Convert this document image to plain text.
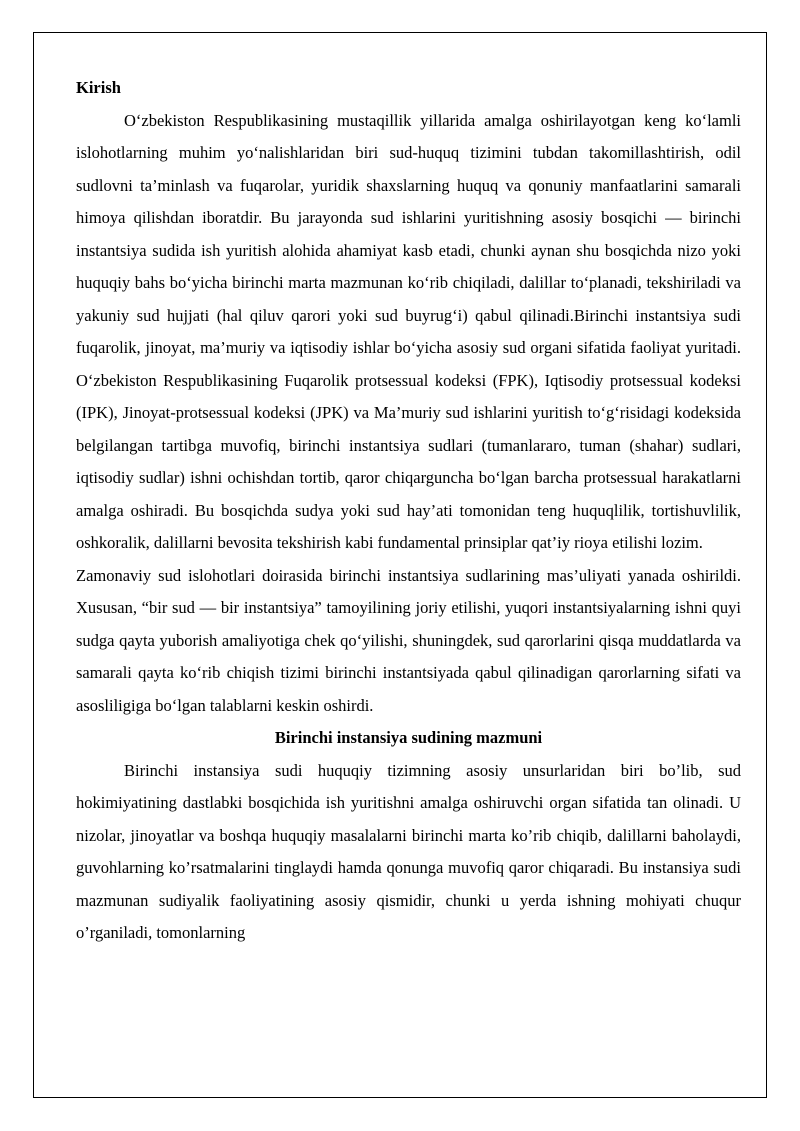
Kirish

O‘zbekiston Respublikasining mustaqillik yillarida amalga oshirilayotgan keng ko‘lamli islohotlarning muhim yo‘nalishlaridan biri sud-huquq tizimini tubdan takomillashtirish, odil sudlovni ta’minlash va fuqarolar, yuridik shaxslarning huquq va qonuniy manfaatlarini samarali himoya qilishdan iboratdir. Bu jarayonda sud ishlarini yuritishning asosiy bosqichi — birinchi instantsiya sudida ish yuritish alohida ahamiyat kasb etadi, chunki aynan shu bosqichda nizo yoki huquqiy bahs bo‘yicha birinchi marta mazmunan ko‘rib chiqiladi, dalillar to‘planadi, tekshiriladi va yakuniy sud hujjati (hal qiluv qarori yoki sud buyrug‘i) qabul qilinadi.Birinchi instantsiya sudi fuqarolik, jinoyat, ma’muriy va iqtisodiy ishlar bo‘yicha asosiy sud organi sifatida faoliyat yuritadi. O‘zbekiston Respublikasining Fuqarolik protsessual kodeksi (FPK), Iqtisodiy protsessual kodeksi (IPK), Jinoyat-protsessual kodeksi (JPK) va Ma’muriy sud ishlarini yuritish to‘g‘risidagi kodeksida belgilangan tartibga muvofiq, birinchi instantsiya sudlari (tumanlararo, tuman (shahar) sudlari, iqtisodiy sudlar) ishni ochishdan tortib, qaror chiqarguncha bo‘lgan barcha protsessual harakatlarni amalga oshiradi. Bu bosqichda sudya yoki sud hay’ati tomonidan teng huquqlilik, tortishuvlilik, oshkoralik, dalillarni bevosita tekshirish kabi fundamental prinsiplar qat’iy rioya etilishi lozim.

Zamonaviy sud islohotlari doirasida birinchi instantsiya sudlarining mas’uliyati yanada oshirildi. Xususan, “bir sud — bir instantsiya” tamoyilining joriy etilishi, yuqori instantsiyalarning ishni quyi sudga qayta yuborish amaliyotiga chek qo‘yilishi, shuningdek, sud qarorlarini qisqa muddatlarda va samarali qayta ko‘rib chiqish tizimi birinchi instantsiyada qabul qilinadigan qarorlarning sifati va asosliligiga bo‘lgan talablarni keskin oshirdi.

Birinchi instansiya sudining mazmuni

Birinchi instansiya sudi huquqiy tizimning asosiy unsurlaridan biri bo’lib, sud hokimiyatining dastlabki bosqichida ish yuritishni amalga oshiruvchi organ sifatida tan olinadi. U nizolar, jinoyatlar va boshqa huquqiy masalalarni birinchi marta ko’rib chiqib, dalillarni baholaydi, guvohlarning ko’rsatmalarini tinglaydi hamda qonunga muvofiq qaror chiqaradi. Bu instansiya sudi mazmunan sudiyalik faoliyatining asosiy qismidir, chunki u yerda ishning mohiyati chuqur o’rganiladi, tomonlarning
